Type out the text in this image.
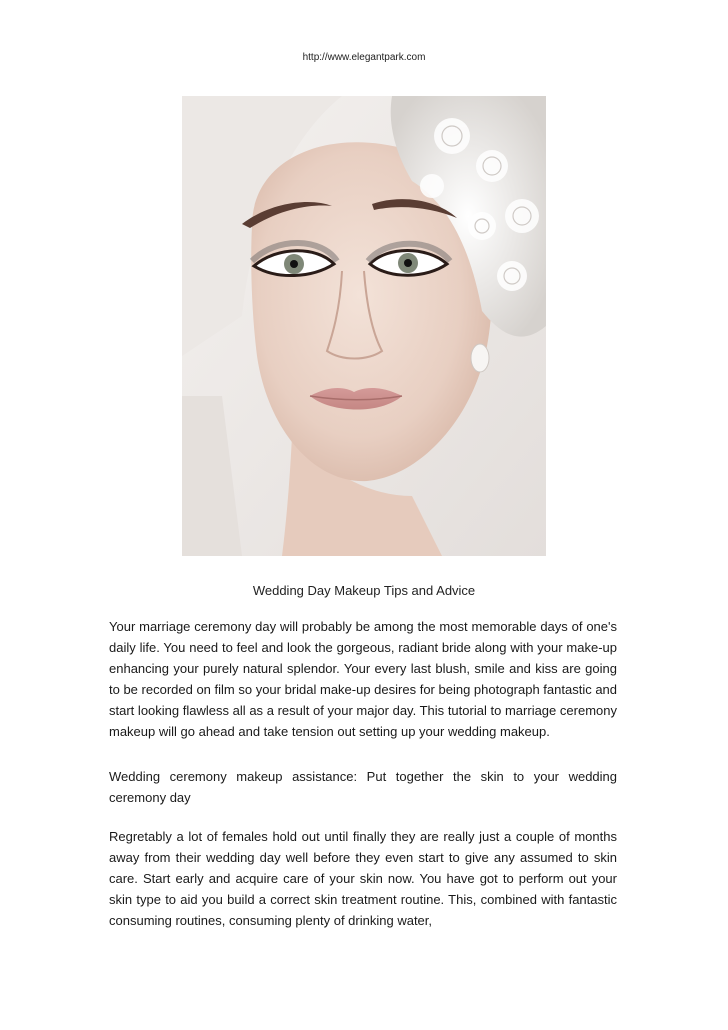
http://www.elegantpark.com
Wedding Day Makeup Tips and Advice

Your marriage ceremony day will probably be among the most memorable days of one's daily life. You need to feel and look the gorgeous, radiant bride along with your make-up enhancing your purely natural splendor. Your every last blush, smile and kiss are going to be recorded on film so your bridal make-up desires for being photograph fantastic and start looking flawless all as a result of your major day. This tutorial to marriage ceremony makeup will go ahead and take tension out setting up your wedding makeup.

Wedding ceremony makeup assistance: Put together the skin to your wedding ceremony day

Regretably a lot of females hold out until finally they are really just a couple of months away from their wedding day well before they even start to give any assumed to skin care. Start early and acquire care of your skin now. You have got to perform out your skin type to aid you build a correct skin treatment routine. This, combined with fantastic consuming routines, consuming plenty of drinking water,
